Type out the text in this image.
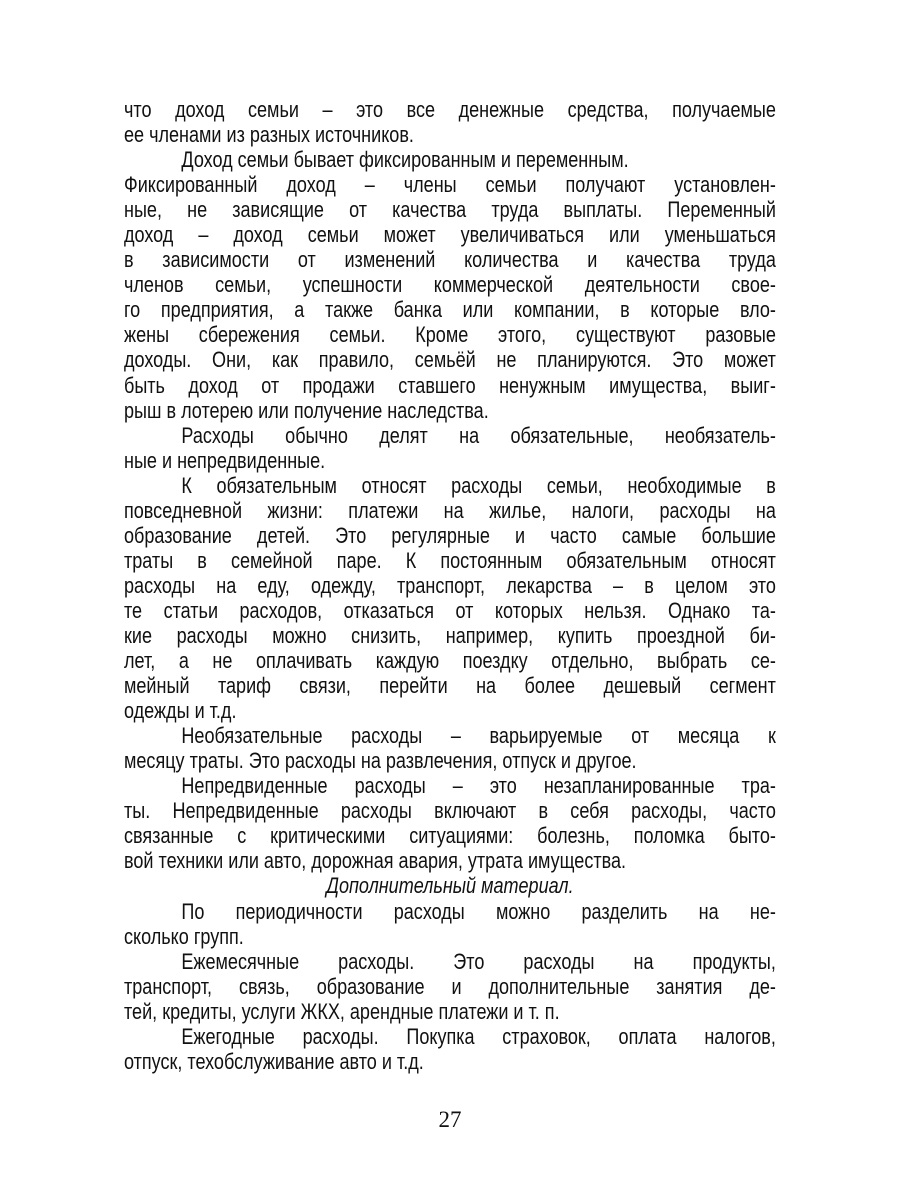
что доход семьи – это все денежные средства, получаемые
ее членами из разных источников.
Доход семьи бывает фиксированным и переменным.
Фиксированный доход – члены семьи получают установлен-
ные, не зависящие от качества труда выплаты. Переменный
доход – доход семьи может увеличиваться или уменьшаться
в зависимости от изменений количества и качества труда
членов семьи, успешности коммерческой деятельности свое-
го предприятия, а также банка или компании, в которые вло-
жены сбережения семьи. Кроме этого, существуют разовые
доходы. Они, как правило, семьёй не планируются. Это может
быть доход от продажи ставшего ненужным имущества, выиг-
рыш в лотерею или получение наследства.
Расходы обычно делят на обязательные, необязатель-
ные и непредвиденные.
К обязательным относят расходы семьи, необходимые в
повседневной жизни: платежи на жилье, налоги, расходы на
образование детей. Это регулярные и часто самые большие
траты в семейной паре. К постоянным обязательным относят
расходы на еду, одежду, транспорт, лекарства – в целом это
те статьи расходов, отказаться от которых нельзя. Однако та-
кие расходы можно снизить, например, купить проездной би-
лет, а не оплачивать каждую поездку отдельно, выбрать се-
мейный тариф связи, перейти на более дешевый сегмент
одежды и т.д.
Необязательные расходы – варьируемые от месяца к
месяцу траты. Это расходы на развлечения, отпуск и другое.
Непредвиденные расходы – это незапланированные тра-
ты. Непредвиденные расходы включают в себя расходы, часто
связанные с критическими ситуациями: болезнь, поломка быто-
вой техники или авто, дорожная авария, утрата имущества.
Дополнительный материал.
По периодичности расходы можно разделить на не-
сколько групп.
Ежемесячные расходы. Это расходы на продукты,
транспорт, связь, образование и дополнительные занятия де-
тей, кредиты, услуги ЖКХ, арендные платежи и т. п.
Ежегодные расходы. Покупка страховок, оплата налогов,
отпуск, техобслуживание авто и т.д.
27
